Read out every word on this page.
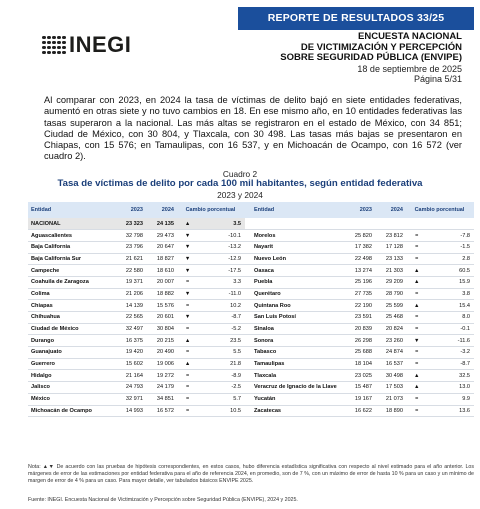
REPORTE DE RESULTADOS 33/25
INEGI	ENCUESTA NACIONAL
DE VICTIMIZACIÓN Y PERCEPCIÓN
SOBRE SEGURIDAD PÚBLICA (ENVIPE)
18 de septiembre de 2025
Página 5/31

Al comparar con 2023, en 2024 la tasa de víctimas de delito bajó en siete entidades federativas, aumentó en otras siete y no tuvo cambios en 18. En ese mismo año, en 10 entidades federativas las tasas superaron a la nacional. Las más altas se registraron en el estado de México, con 34 851; Ciudad de México, con 30 804, y Tlaxcala, con 30 498. Las tasas más bajas se presentaron en Chiapas, con 15 576; en Tamaulipas, con 16 537, y en Michoacán de Ocampo, con 16 572 (ver cuadro 2).

Cuadro 2
Tasa de víctimas de delito por cada 100 mil habitantes, según entidad federativa
2023 y 2024
Entidad	2023	2024	Cambio porcentual			Entidad	2023	2024	Cambio porcentual	
NACIONAL	23 323	24 135	▲	3.5						
Aguascalientes	32 798	29 473	▼	-10.1		Morelos	25 820	23 812	=	-7.8
Baja California	23 796	20 647	▼	-13.2		Nayarit	17 382	17 128	=	-1.5
Baja California Sur	21 621	18 827	▼	-12.9		Nuevo León	22 498	23 133	=	2.8
Campeche	22 580	18 610	▼	-17.5		Oaxaca	13 274	21 303	▲	60.5
Coahuila de Zaragoza	19 371	20 007	=	3.3		Puebla	25 196	29 209	▲	15.9
Colima	21 206	18 882	▼	-11.0		Querétaro	27 735	28 790	=	3.8
Chiapas	14 139	15 576	=	10.2		Quintana Roo	22 190	25 599	▲	15.4
Chihuahua	22 565	20 601	▼	-8.7		San Luis Potosí	23 591	25 468	=	8.0
Ciudad de México	32 497	30 804	=	-5.2		Sinaloa	20 839	20 824	=	-0.1
Durango	16 375	20 215	▲	23.5		Sonora	26 298	23 260	▼	-11.6
Guanajuato	19 420	20 490	=	5.5		Tabasco	25 688	24 874	=	-3.2
Guerrero	15 602	19 006	▲	21.8		Tamaulipas	18 104	16 537	=	-8.7
Hidalgo	21 164	19 272	=	-8.9		Tlaxcala	23 025	30 498	▲	32.5
Jalisco	24 793	24 179	=	-2.5		Veracruz de Ignacio de la Llave	15 487	17 503	▲	13.0
México	32 971	34 851	=	5.7		Yucatán	19 167	21 073	=	9.9
Michoacán de Ocampo	14 993	16 572	=	10.5		Zacatecas	16 622	18 890	=	13.6

Nota: ▲▼ De acuerdo con las pruebas de hipótesis correspondientes, en estos casos, hubo diferencia estadística significativa con respecto al nivel estimado para el año anterior. Los márgenes de error de las estimaciones por entidad federativa para el año de referencia 2024, en promedio, son de 7 %, con un máximo de error de hasta 10 % para un caso y un mínimo de margen de error de 4 % para un caso. Para mayor detalle, ver tabulados básicos ENVIPE 2025.

Fuente: INEGI. Encuesta Nacional de Victimización y Percepción sobre Seguridad Pública (ENVIPE), 2024 y 2025.
